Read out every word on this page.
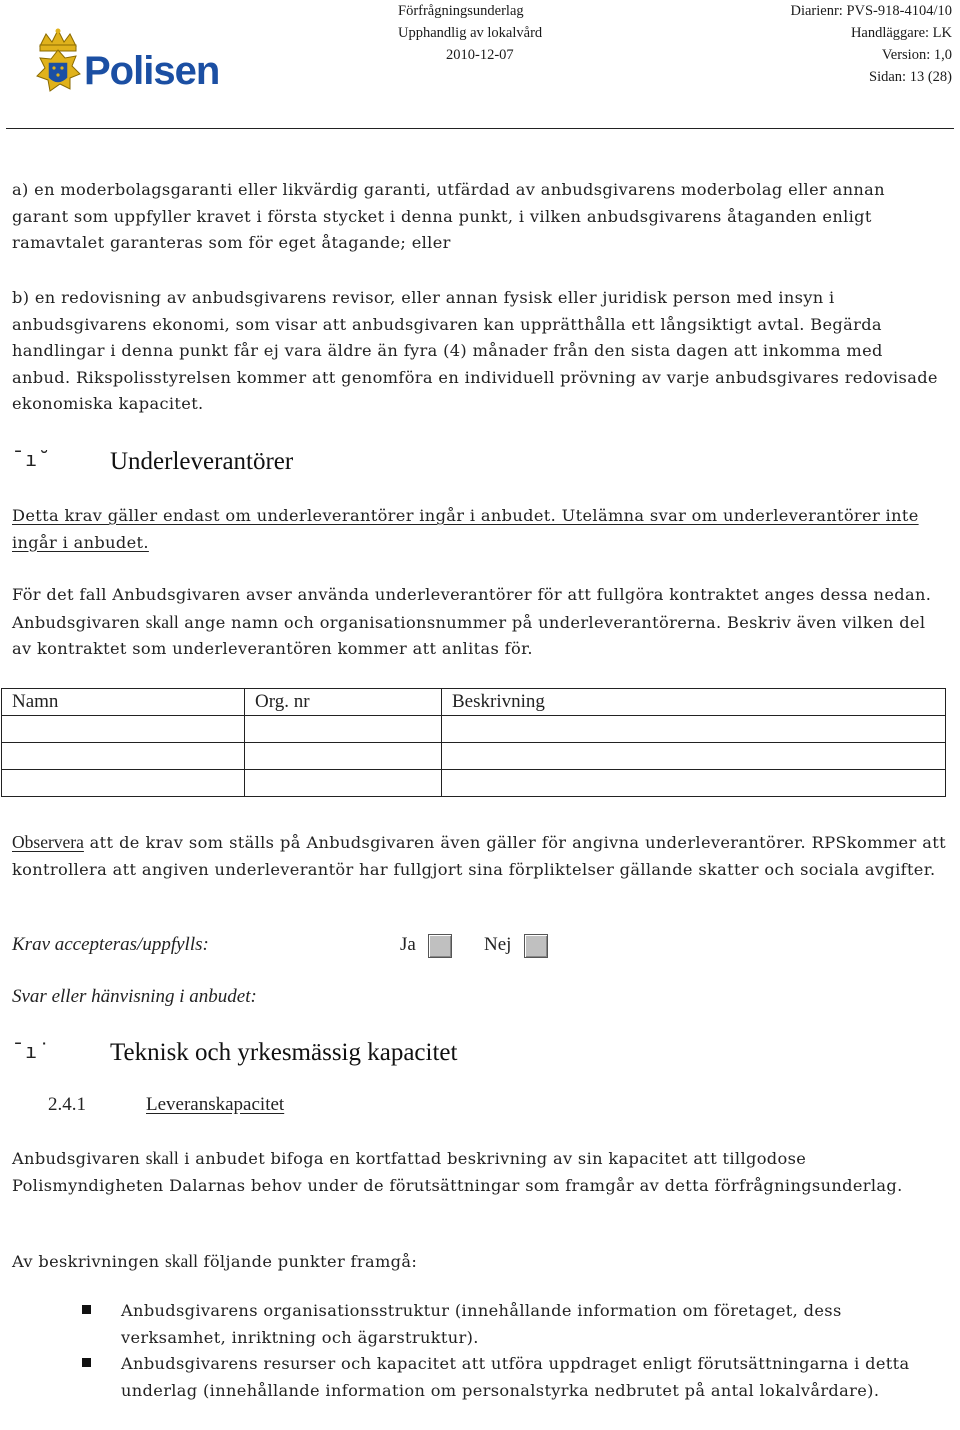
Polisen
Förfrågningsunderlag
Upphandlig av lokalvård
2010-12-07
Diarienr: PVS-918-4104/10
Handläggare: LK
Version: 1,0
Sidan: 13 (28)

a) en moderbolagsgaranti eller likvärdig garanti, utfärdad av anbudsgivarens moderbolag eller annan garant som uppfyller kravet i första stycket i denna punkt, i vilken anbudsgivarens åtaganden enligt ramavtalet garanteras som för eget åtagande; eller

b) en redovisning av anbudsgivarens revisor, eller annan fysisk eller juridisk person med insyn i anbudsgivarens ekonomi, som visar att anbudsgivaren kan upprätthålla ett långsiktigt avtal. Begärda handlingar i denna punkt får ej vara äldre än fyra (4) månader från den sista dagen att inkomma med anbud. Rikspolisstyrelsen kommer att genomföra en individuell prövning av varje anbudsgivares redovisade ekonomiska kapacitet.

¯ı˘ Underleverantörer

Detta krav gäller endast om underleverantörer ingår i anbudet. Utelämna svar om underleverantörer inte ingår i anbudet.

För det fall Anbudsgivaren avser använda underleverantörer för att fullgöra kontraktet anges dessa nedan. Anbudsgivaren skall ange namn och organisationsnummer på underleverantörerna. Beskriv även vilken del av kontraktet som underleverantören kommer att anlitas för.

Namn	Org. nr	Beskrivning

Observera att de krav som ställs på Anbudsgivaren även gäller för angivna underleverantörer. RPSkommer att kontrollera att angiven underleverantör har fullgjort sina förpliktelser gällande skatter och sociala avgifter.

Krav accepteras/uppfylls:	Ja	Nej
Svar eller hänvisning i anbudet:
¯ı˙ Teknisk och yrkesmässig kapacitet
2.4.1	Leveranskapacitet

Anbudsgivaren skall i anbudet bifoga en kortfattad beskrivning av sin kapacitet att tillgodose Polismyndigheten Dalarnas behov under de förutsättningar som framgår av detta förfrågningsunderlag.

Av beskrivningen skall följande punkter framgå:

Anbudsgivarens organisationsstruktur (innehållande information om företaget, dess verksamhet, inriktning och ägarstruktur).
Anbudsgivarens resurser och kapacitet att utföra uppdraget enligt förutsättningarna i detta underlag (innehållande information om personalstyrka nedbrutet på antal lokalvårdare).
